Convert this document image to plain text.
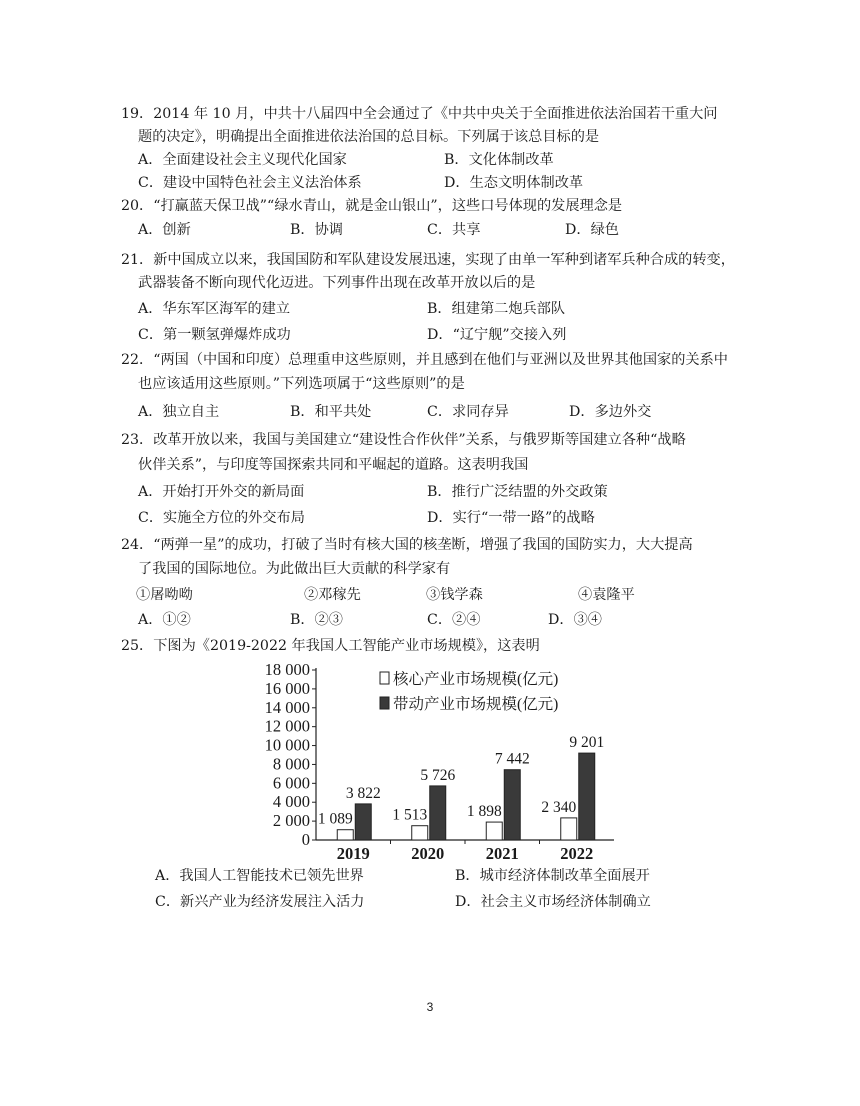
19．2014 年 10 月，中共十八届四中全会通过了《中共中央关于全面推进依法治国若干重大问
题的决定》，明确提出全面推进依法治国的总目标。下列属于该总目标的是
A．全面建设社会主义现代化国家	B．文化体制改革
C．建设中国特色社会主义法治体系	D．生态文明体制改革
20．“打赢蓝天保卫战”“绿水青山，就是金山银山”，这些口号体现的发展理念是
A．创新	B．协调	C．共享	D．绿色
21．新中国成立以来，我国国防和军队建设发展迅速，实现了由单一军种到诸军兵种合成的转变，
武器装备不断向现代化迈进。下列事件出现在改革开放以后的是
A．华东军区海军的建立	B．组建第二炮兵部队
C．第一颗氢弹爆炸成功	D．“辽宁舰”交接入列
22．“两国（中国和印度）总理重申这些原则，并且感到在他们与亚洲以及世界其他国家的关系中
也应该适用这些原则。”下列选项属于“这些原则”的是
A．独立自主	B．和平共处	C．求同存异	D．多边外交
23．改革开放以来，我国与美国建立“建设性合作伙伴”关系，与俄罗斯等国建立各种“战略
伙伴关系”，与印度等国探索共同和平崛起的道路。这表明我国
A．开始打开外交的新局面	B．推行广泛结盟的外交政策
C．实施全方位的外交布局	D．实行“一带一路”的战略
24．“两弹一星”的成功，打破了当时有核大国的核垄断，增强了我国的国防实力，大大提高
了我国的国际地位。为此做出巨大贡献的科学家有
①屠呦呦	②邓稼先	③钱学森	④袁隆平
A．①②	B．②③	C．②④	D．③④
25．下图为《2019-2022 年我国人工智能产业市场规模》，这表明
0
2 000
4 000
6 000
8 000
10 000
12 000
14 000
16 000
18 000
2019	2020	2021	2022
1 089
3 822
1 513
5 726
1 898
7 442
2 340
9 201
核心产业市场规模(亿元)
带动产业市场规模(亿元)
A．我国人工智能技术已领先世界	B．城市经济体制改革全面展开
C．新兴产业为经济发展注入活力	D．社会主义市场经济体制确立
3
